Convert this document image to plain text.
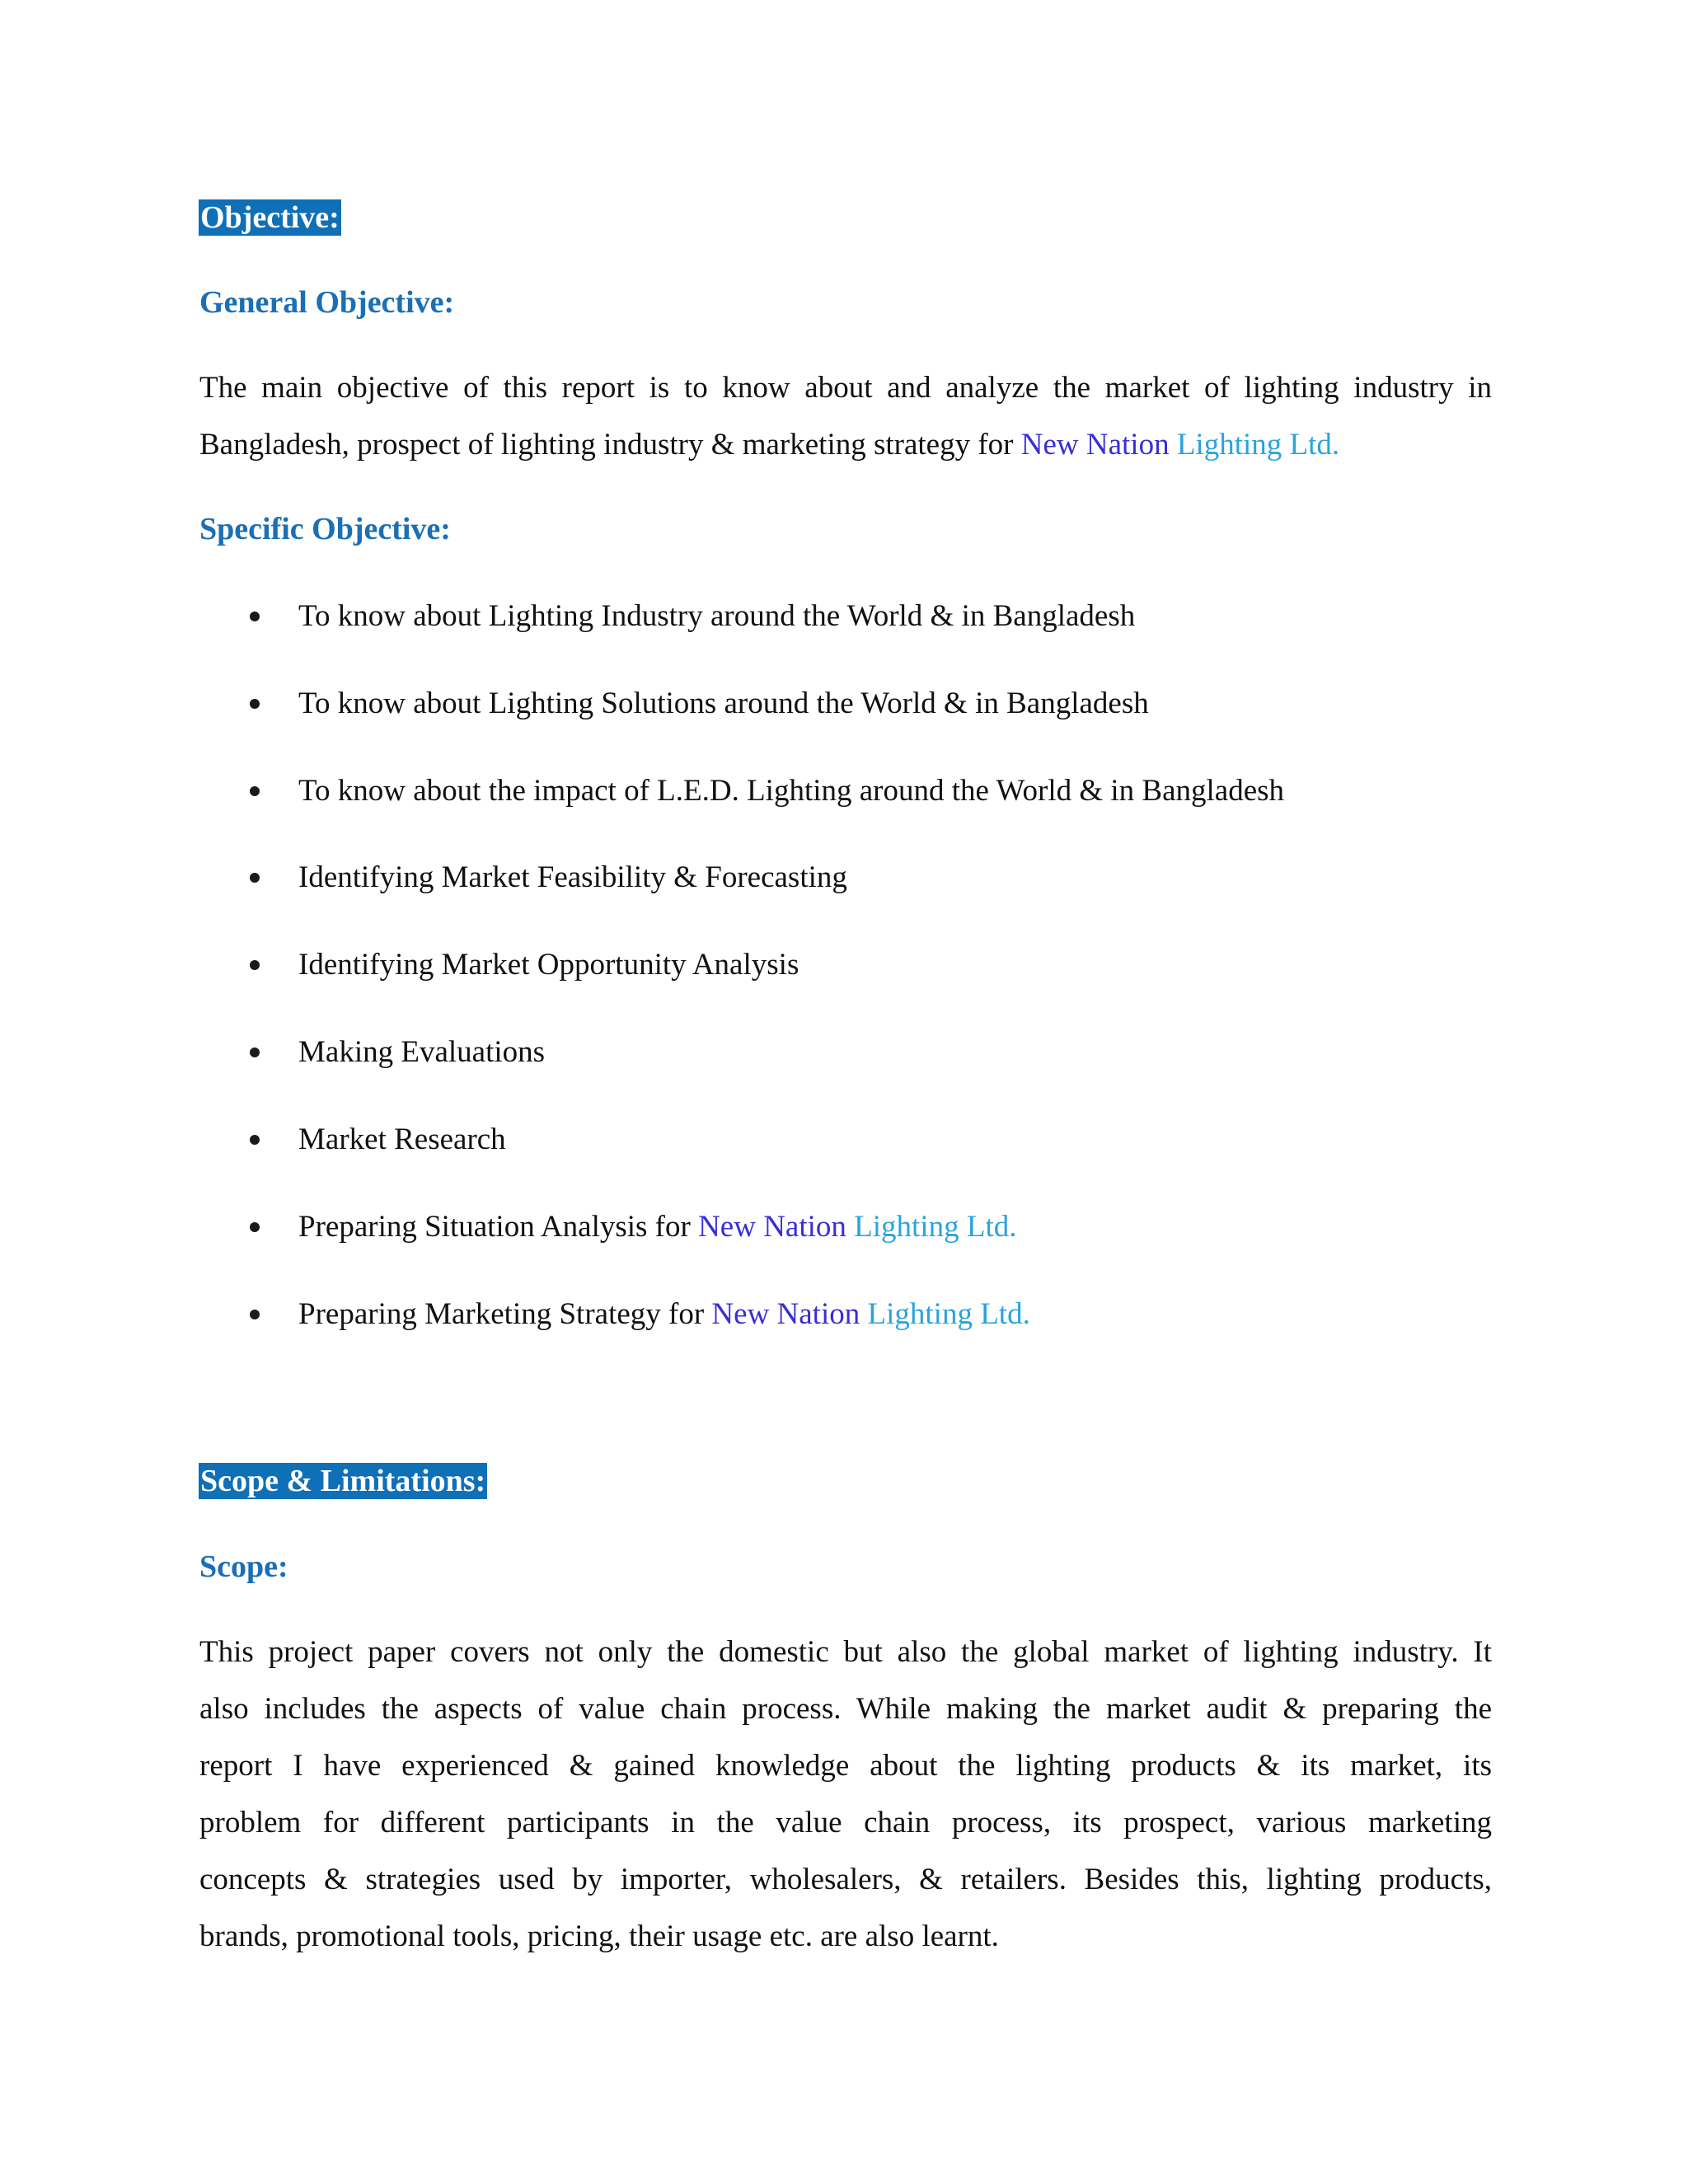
Objective:
General Objective:
The main objective of this report is to know about and analyze the market of lighting industry in
Bangladesh, prospect of lighting industry & marketing strategy for New Nation Lighting Ltd.
Specific Objective:
To know about Lighting Industry around the World & in Bangladesh
To know about Lighting Solutions around the World & in Bangladesh
To know about the impact of L.E.D. Lighting around the World & in Bangladesh
Identifying Market Feasibility & Forecasting
Identifying Market Opportunity Analysis
Making Evaluations
Market Research
Preparing Situation Analysis for New Nation Lighting Ltd.
Preparing Marketing Strategy for New Nation Lighting Ltd.
Scope & Limitations:
Scope:
This project paper covers not only the domestic but also the global market of lighting industry. It
also includes the aspects of value chain process. While making the market audit & preparing the
report I have experienced & gained knowledge about the lighting products & its market, its
problem for different participants in the value chain process, its prospect, various marketing
concepts & strategies used by importer, wholesalers, & retailers. Besides this, lighting products,
brands, promotional tools, pricing, their usage etc. are also learnt.
